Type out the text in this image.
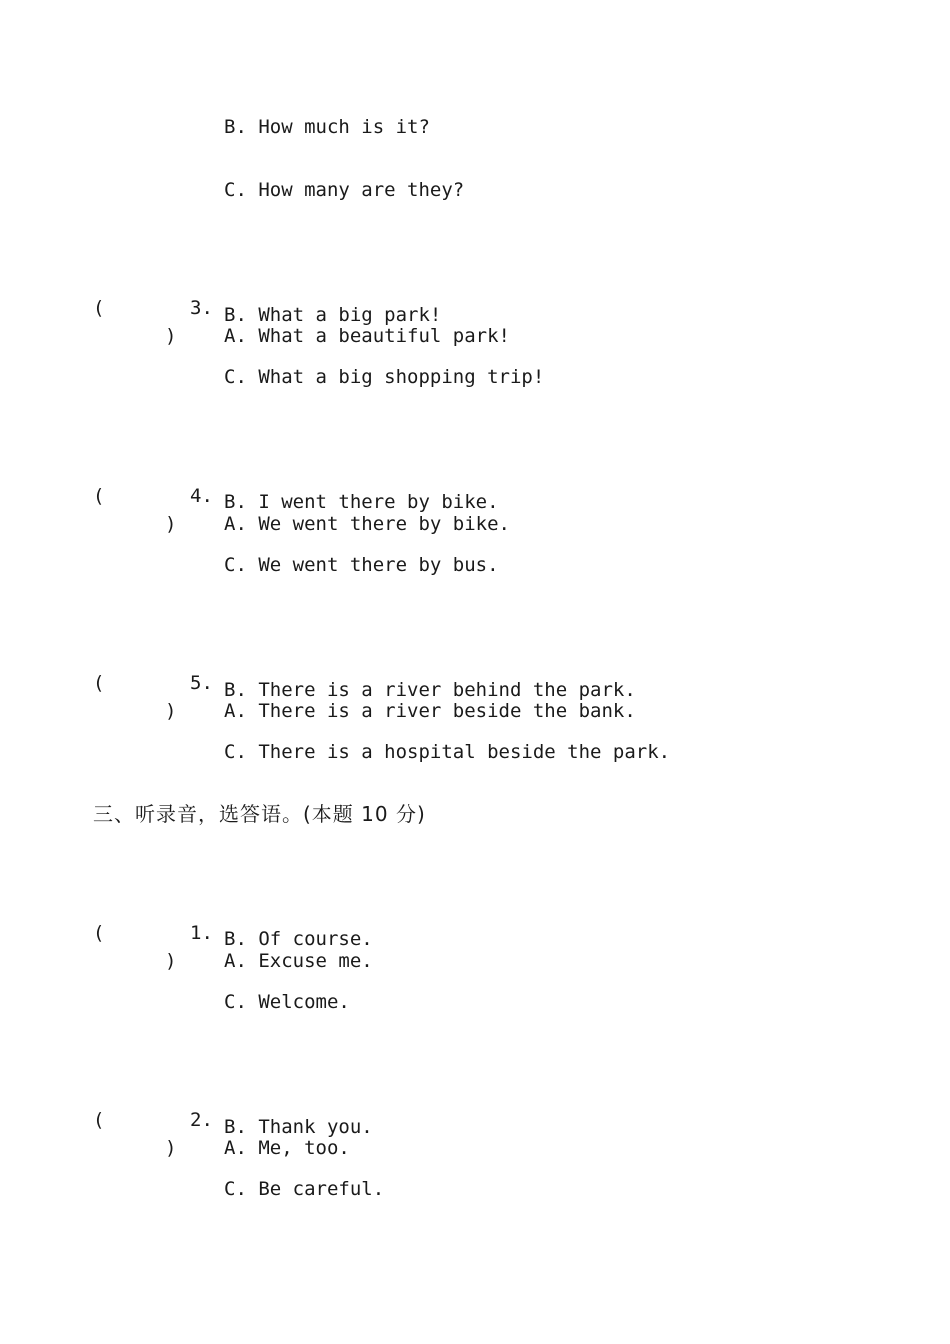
B. How much is it?
C. How many are they?

(

)

3.

A. What a beautiful park!

B. What a big park!
C. What a big shopping trip!

(

)

4.

A. We went there by bike.

B. I went there by bike.
C. We went there by bus.

(

)

5.

A. There is a river beside the bank.

B. There is a river behind the park.
C. There is a hospital beside the park.
三、听录音，选答语。(本题 10 分)

(

)

1.

A. Excuse me.

B. Of course.
C. Welcome.

(

)

2.

A. Me, too.

B. Thank you.
C. Be careful.
